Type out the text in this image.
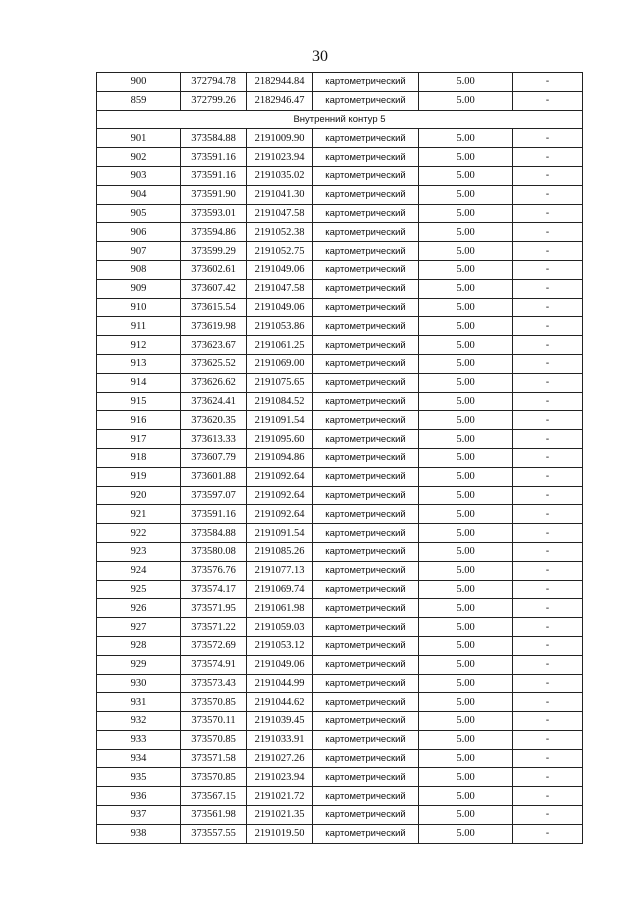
30
900	372794.78	2182944.84	картометрический	5.00	-
859	372799.26	2182946.47	картометрический	5.00	-
Внутренний контур 5					
901	373584.88	2191009.90	картометрический	5.00	-
902	373591.16	2191023.94	картометрический	5.00	-
903	373591.16	2191035.02	картометрический	5.00	-
904	373591.90	2191041.30	картометрический	5.00	-
905	373593.01	2191047.58	картометрический	5.00	-
906	373594.86	2191052.38	картометрический	5.00	-
907	373599.29	2191052.75	картометрический	5.00	-
908	373602.61	2191049.06	картометрический	5.00	-
909	373607.42	2191047.58	картометрический	5.00	-
910	373615.54	2191049.06	картометрический	5.00	-
911	373619.98	2191053.86	картометрический	5.00	-
912	373623.67	2191061.25	картометрический	5.00	-
913	373625.52	2191069.00	картометрический	5.00	-
914	373626.62	2191075.65	картометрический	5.00	-
915	373624.41	2191084.52	картометрический	5.00	-
916	373620.35	2191091.54	картометрический	5.00	-
917	373613.33	2191095.60	картометрический	5.00	-
918	373607.79	2191094.86	картометрический	5.00	-
919	373601.88	2191092.64	картометрический	5.00	-
920	373597.07	2191092.64	картометрический	5.00	-
921	373591.16	2191092.64	картометрический	5.00	-
922	373584.88	2191091.54	картометрический	5.00	-
923	373580.08	2191085.26	картометрический	5.00	-
924	373576.76	2191077.13	картометрический	5.00	-
925	373574.17	2191069.74	картометрический	5.00	-
926	373571.95	2191061.98	картометрический	5.00	-
927	373571.22	2191059.03	картометрический	5.00	-
928	373572.69	2191053.12	картометрический	5.00	-
929	373574.91	2191049.06	картометрический	5.00	-
930	373573.43	2191044.99	картометрический	5.00	-
931	373570.85	2191044.62	картометрический	5.00	-
932	373570.11	2191039.45	картометрический	5.00	-
933	373570.85	2191033.91	картометрический	5.00	-
934	373571.58	2191027.26	картометрический	5.00	-
935	373570.85	2191023.94	картометрический	5.00	-
936	373567.15	2191021.72	картометрический	5.00	-
937	373561.98	2191021.35	картометрический	5.00	-
938	373557.55	2191019.50	картометрический	5.00	-
